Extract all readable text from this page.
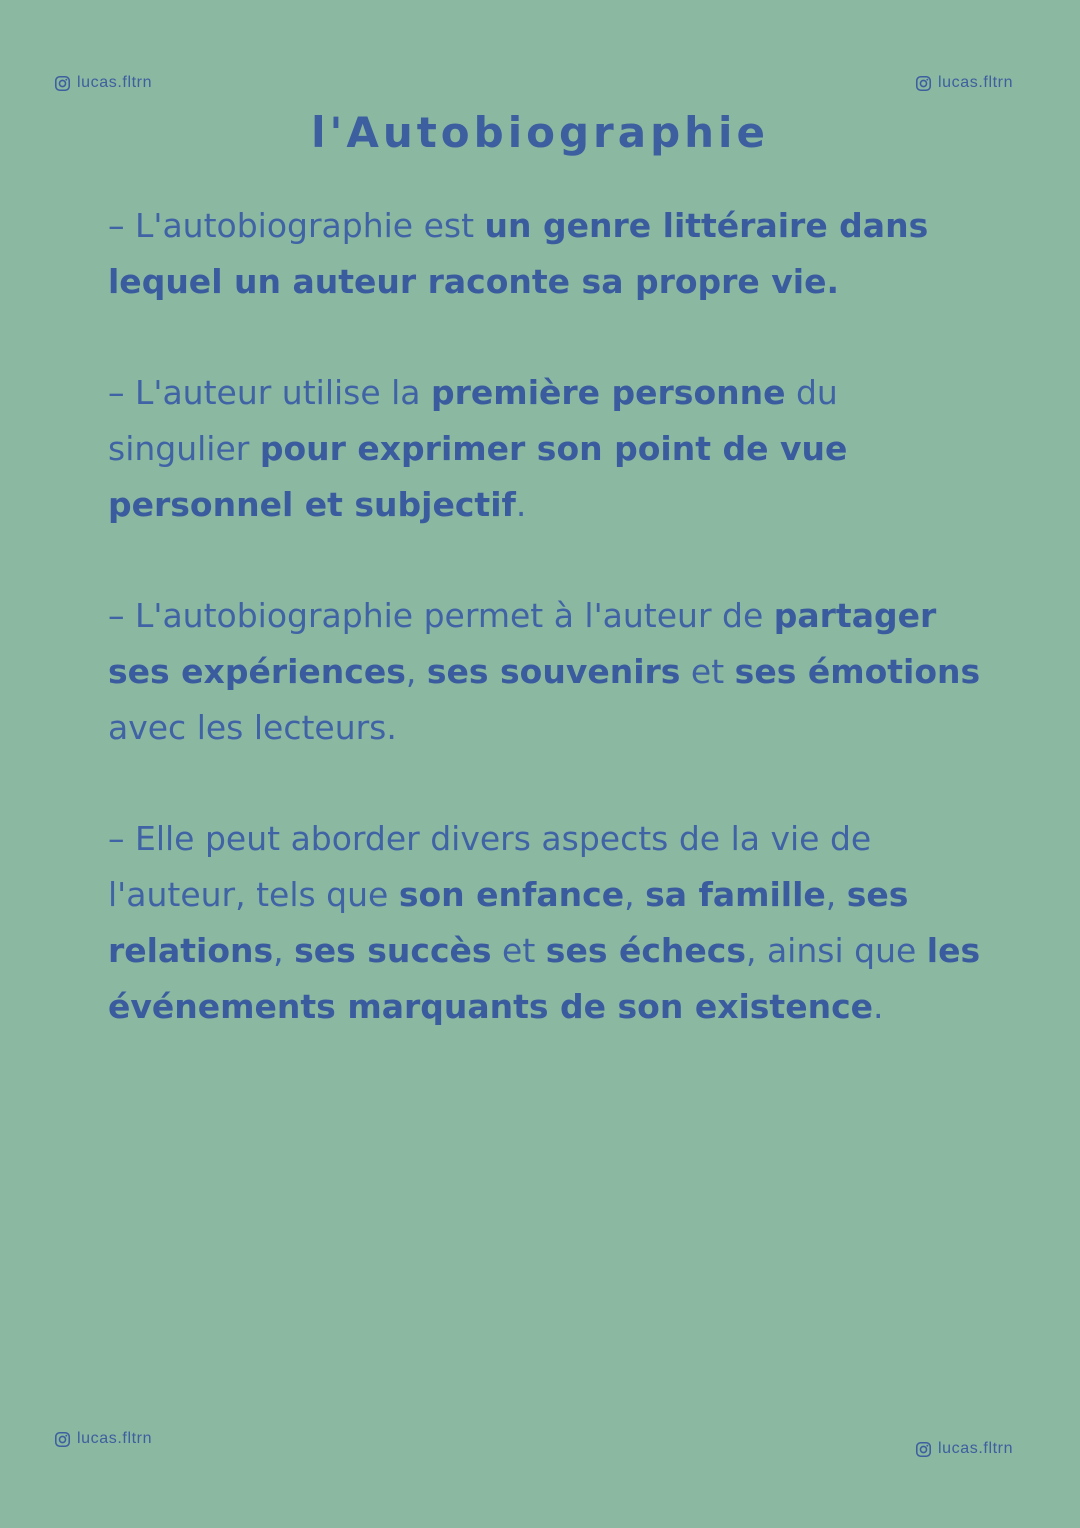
lucas.fltrn	lucas.fltrn
l'Autobiographie

– L'autobiographie est un genre littéraire dans lequel un auteur raconte sa propre vie.

– L'auteur utilise la première personne du singulier pour exprimer son point de vue personnel et subjectif.

– L'autobiographie permet à l'auteur de partager ses expériences, ses souvenirs et ses émotions avec les lecteurs.

– Elle peut aborder divers aspects de la vie de l'auteur, tels que son enfance, sa famille, ses relations, ses succès et ses échecs, ainsi que les événements marquants de son existence.

lucas.fltrn
lucas.fltrn
